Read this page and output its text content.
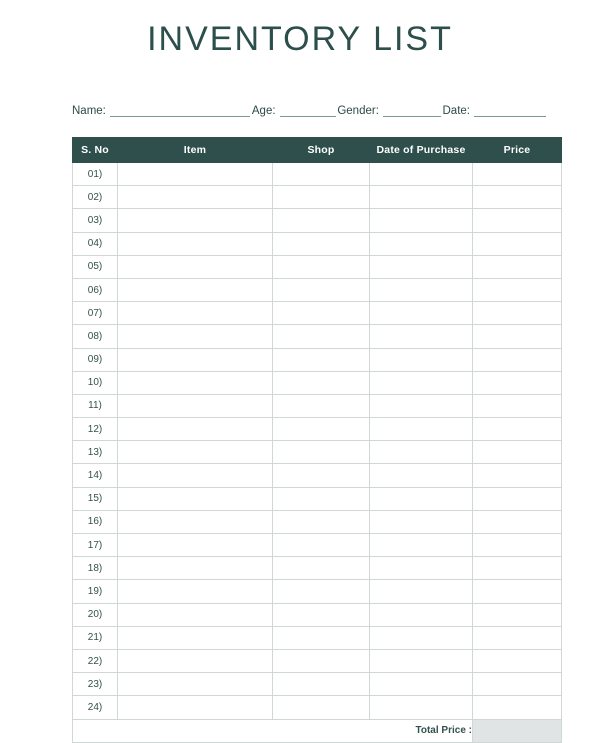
INVENTORY LIST
Name:	Age:	Gender:	Date:
S. No	Item	Shop	Date of Purchase	Price
01)				
02)				
03)				
04)				
05)				
06)				
07)				
08)				
09)				
10)				
11)				
12)				
13)				
14)				
15)				
16)				
17)				
18)				
19)				
20)				
21)				
22)				
23)				
24)				
Total Price :				
